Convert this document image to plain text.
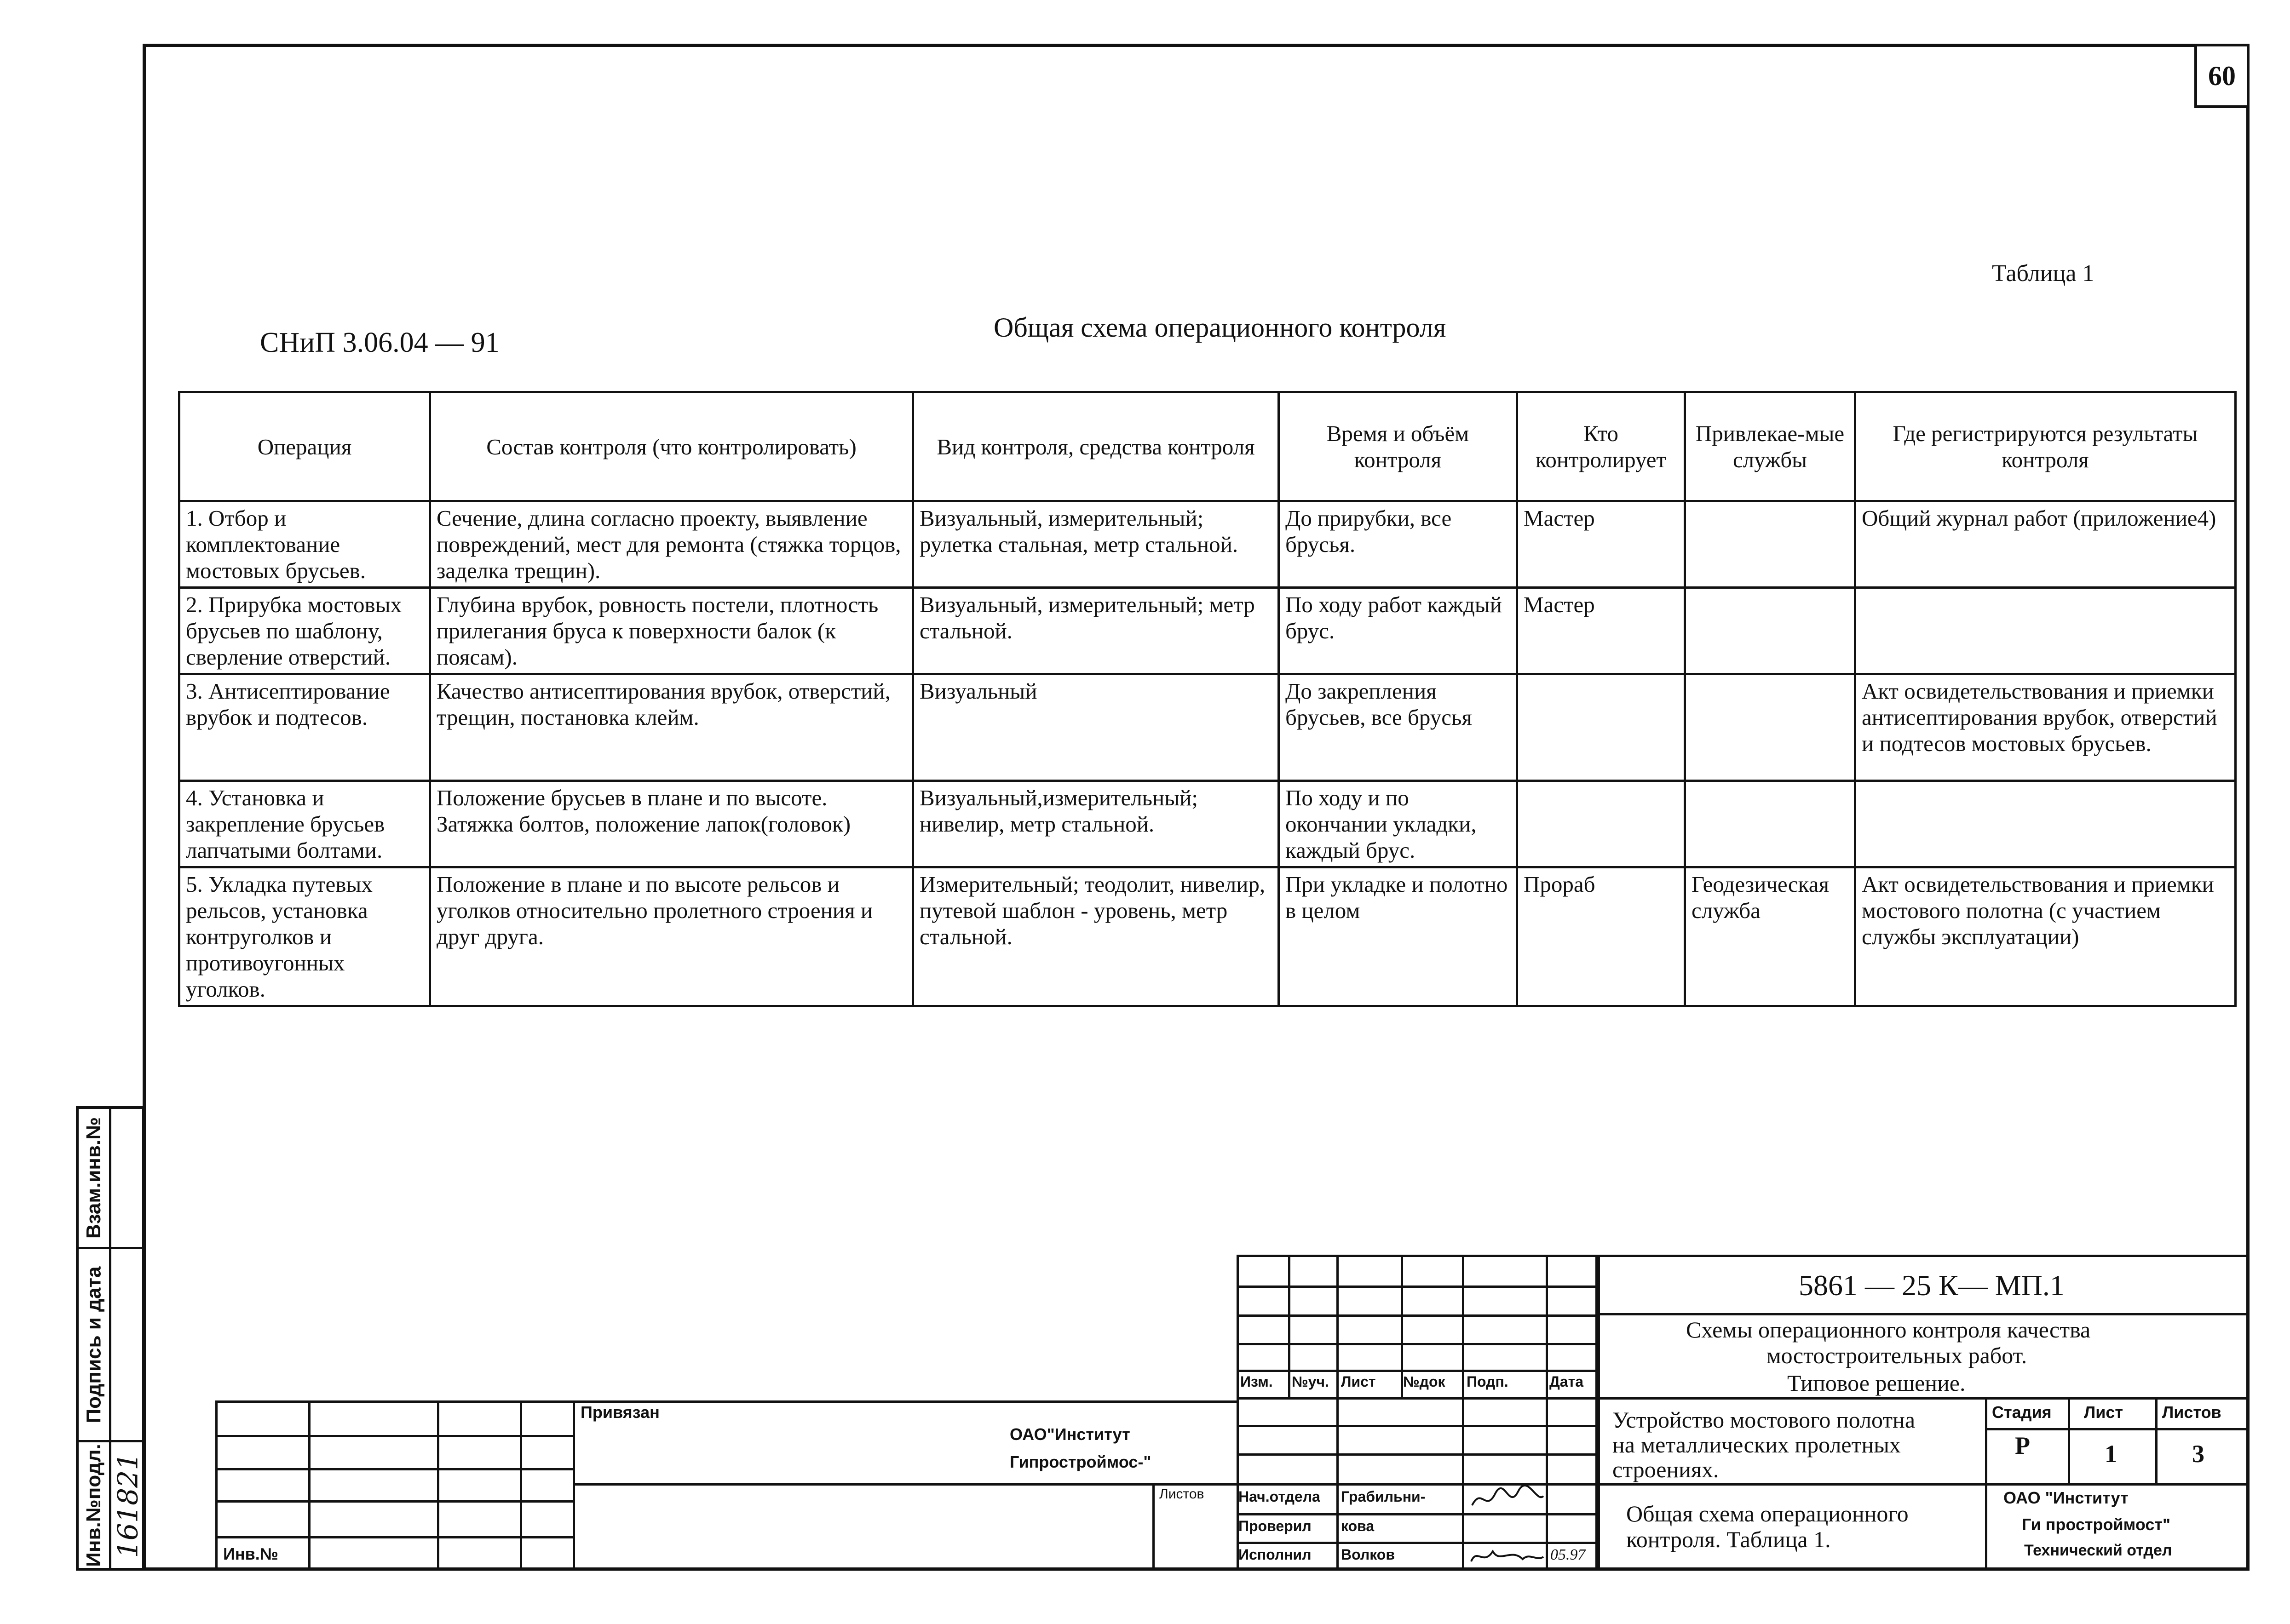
60
Таблица 1
СНиП 3.06.04 — 91	Общая схема операционного контроля
Операция	Состав контроля (что контролировать)	Вид контроля, средства контроля	Время и объём контроля	Кто контролирует	Привлекае-мые службы	Где регистрируются результаты контроля
1. Отбор и комплектование мостовых брусьев.	Сечение, длина согласно проекту, выявление повреждений, мест для ремонта (стяжка торцов, заделка трещин).	Визуальный, измерительный; рулетка стальная, метр стальной.	До прирубки, все брусья.	Мастер		Общий журнал работ (приложение4)
2. Прирубка мостовых брусьев по шаблону, сверление отверстий.	Глубина врубок, ровность постели, плотность прилегания бруса к поверхности балок (к поясам).	Визуальный, измерительный; метр стальной.	По ходу работ каждый брус.	Мастер		
3. Антисептирование врубок и подтесов.	Качество антисептирования врубок, отверстий, трещин, постановка клейм.	Визуальный	До закрепления брусьев, все брусья			Акт освидетельствования и приемки антисептирования врубок, отверстий и подтесов мостовых брусьев.
4. Установка и закрепление брусьев лапчатыми болтами.	Положение брусьев в плане и по высоте. Затяжка болтов, положение лапок(головок)	Визуальный,измерительный; нивелир, метр стальной.	По ходу и по окончании укладки, каждый брус.			
5. Укладка путевых рельсов, установка контруголков и противоугонных уголков.	Положение в плане и по высоте рельсов и уголков относительно пролетного строения и друг друга.	Измерительный; теодолит, нивелир, путевой шаблон - уровень, метр стальной.	При укладке и полотно в целом	Прораб	Геодезическая служба	Акт освидетельствования и приемки мостового полотна (с участием службы эксплуатации)
Взам.инв.№
Подпись и дата
Инв.№подл. 161821
Привязан
ОАО"Институт
Гипростроймос-"
Инв.№
Листов
Изм. №уч. Лист №док Подп.	Дата
Нач.отдела Грабильни-
Проверил кова
Исполнил Волков	05.97
5861 — 25 К— МП.1
Схемы операционного контроля качества
мостостроительных работ.
Типовое решение.
Устройство мостового полотна
на металлических пролетных
строениях.
Стадия Лист Листов
Р	1	3
Общая схема операционного
контроля. Таблица 1.
ОАО "Институт
Ги простроймост"
Технический отдел
